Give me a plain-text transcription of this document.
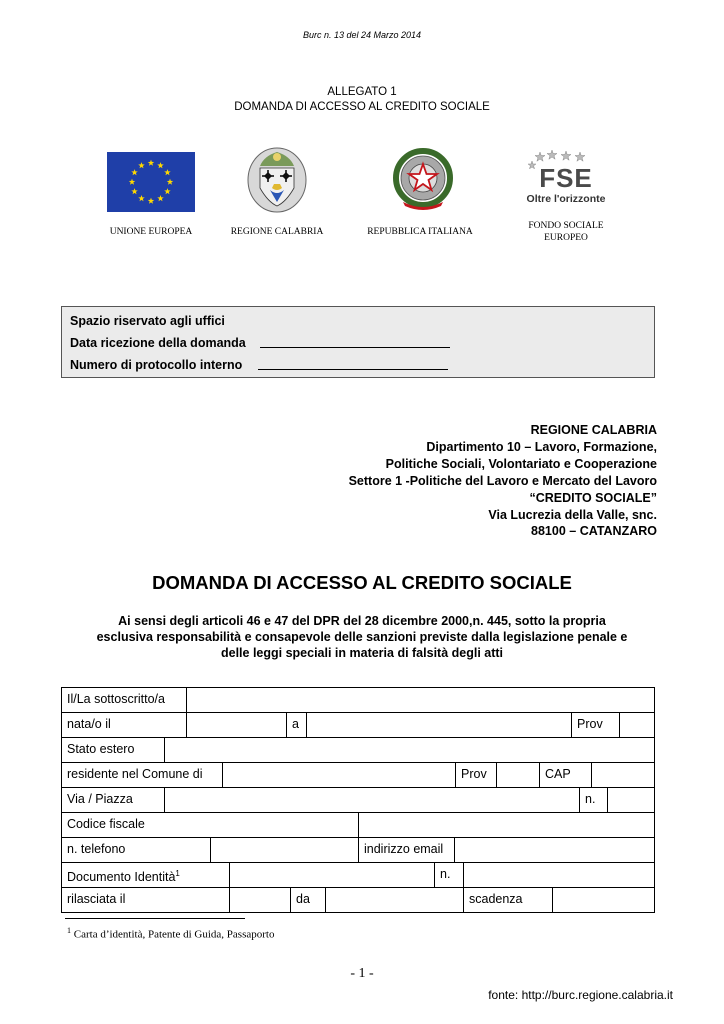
Burc n. 13 del 24 Marzo 2014
ALLEGATO 1
DOMANDA DI ACCESSO AL CREDITO SOCIALE
UNIONE EUROPEA	REGIONE CALABRIA	REPUBBLICA ITALIANA
FSE
Oltre l'orizzonte
FONDO SOCIALE
EUROPEO
Spazio riservato agli uffici
Data ricezione della domanda
Numero di protocollo interno
REGIONE CALABRIA
Dipartimento 10 – Lavoro, Formazione,
Politiche Sociali, Volontariato e Cooperazione
Settore 1 -Politiche del Lavoro e Mercato del Lavoro
“CREDITO SOCIALE”
Via Lucrezia della Valle, snc.
88100 – CATANZARO
DOMANDA DI ACCESSO AL CREDITO SOCIALE
Ai sensi degli articoli 46 e 47 del DPR del 28 dicembre 2000,n. 445, sotto la propria
esclusiva responsabilità e consapevole delle sanzioni previste dalla legislazione penale e
delle leggi speciali in materia di falsità degli atti
Il/La sottoscritto/a
nata/o il	a	Prov
Stato estero
residente nel Comune di	Prov	CAP
Via / Piazza	n.
Codice fiscale
n. telefono	indirizzo email
Documento Identità$^1$	n.
rilasciata il	da	scadenza
$^1$ Carta d’identità, Patente di Guida, Passaporto
- 1 -
fonte: http://burc.regione.calabria.it
